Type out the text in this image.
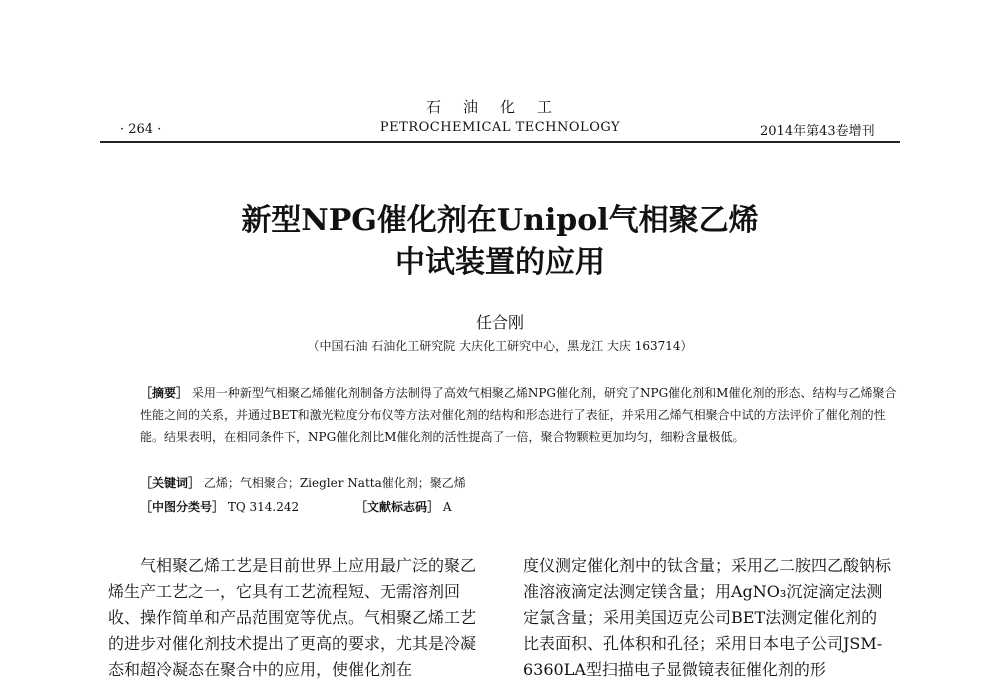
石油化工
PETROCHEMICAL TECHNOLOGY
· 264 ·	2014年第43卷增刊
新型NPG催化剂在Unipol气相聚乙烯
中试装置的应用
任合刚
（中国石油 石油化工研究院 大庆化工研究中心，黑龙江 大庆 163714）
［摘要］ 采用一种新型气相聚乙烯催化剂制备方法制得了高效气相聚乙烯NPG催化剂，研究了NPG催化剂和M催化剂的形态、结构与乙烯聚合性能之间的关系，并通过BET和激光粒度分布仪等方法对催化剂的结构和形态进行了表征，并采用乙烯气相聚合中试的方法评价了催化剂的性能。结果表明，在相同条件下，NPG催化剂比M催化剂的活性提高了一倍，聚合物颗粒更加均匀，细粉含量极低。
［关键词］ 乙烯；气相聚合；Ziegler Natta催化剂；聚乙烯
［中图分类号］ TQ 314.242	［文献标志码］ A

气相聚乙烯工艺是目前世界上应用最广泛的聚乙烯生产工艺之一，它具有工艺流程短、无需溶剂回收、操作简单和产品范围宽等优点。气相聚乙烯工艺的进步对催化剂技术提出了更高的要求，尤其是冷凝态和超冷凝态在聚合中的应用，使催化剂在

度仪测定催化剂中的钛含量；采用乙二胺四乙酸钠标准溶液滴定法测定镁含量；用AgNO₃沉淀滴定法测定氯含量；采用美国迈克公司BET法测定催化剂的比表面积、孔体积和孔径；采用日本电子公司JSM-6360LA型扫描电子显微镜表征催化剂的形
